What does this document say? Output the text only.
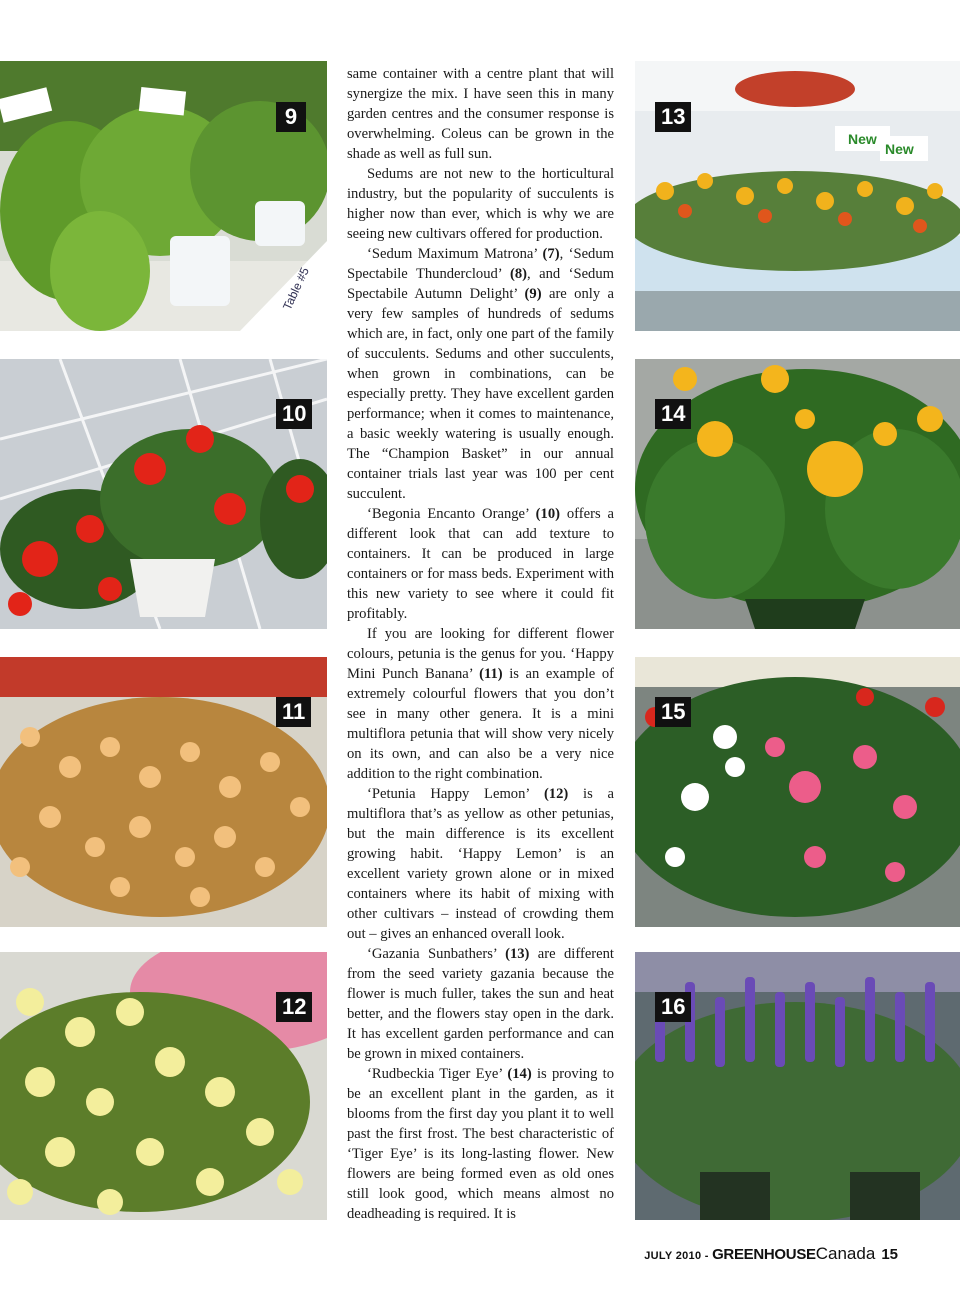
Table #5
9
10
11
12
New
New
13
14
15
16

same container with a centre plant that will synergize the mix. I have seen this in many garden centres and the consumer response is overwhelming. Coleus can be grown in the shade as well as full sun.

Sedums are not new to the horticultural industry, but the popularity of succulents is higher now than ever, which is why we are seeing new cultivars offered for production.

‘Sedum Maximum Matrona’ (7), ‘Sedum Spectabile Thundercloud’ (8), and ‘Sedum Spectabile Autumn Delight’ (9) are only a very few samples of hundreds of sedums which are, in fact, only one part of the family of succulents. Sedums and other succulents, when grown in combinations, can be especially pretty. They have excellent garden performance; when it comes to maintenance, a basic weekly watering is usually enough. The “Champion Basket” in our annual container trials last year was 100 per cent succulent.

‘Begonia Encanto Orange’ (10) offers a different look that can add texture to containers. It can be produced in large containers or for mass beds. Experiment with this new variety to see where it could fit profitably.

If you are looking for different flower colours, petunia is the genus for you. ‘Happy Mini Punch Banana’ (11) is an example of extremely colourful flowers that you don’t see in many other genera. It is a mini multiflora petunia that will show very nicely on its own, and can also be a very nice addition to the right combination.

‘Petunia Happy Lemon’ (12) is a multiflora that’s as yellow as other petunias, but the main difference is its excellent growing habit. ‘Happy Lemon’ is an excellent variety grown alone or in mixed containers where its habit of mixing with other cultivars – instead of crowding them out – gives an enhanced overall look.

‘Gazania Sunbathers’ (13) are different from the seed variety gazania because the flower is much fuller, takes the sun and heat better, and the flowers stay open in the dark. It has excellent garden performance and can be grown in mixed containers.

‘Rudbeckia Tiger Eye’ (14) is proving to be an excellent plant in the garden, as it blooms from the first day you plant it to well past the first frost. The best characteristic of ‘Tiger Eye’ is its long-lasting flower. New flowers are being formed even as old ones still look good, which means almost no deadheading is required. It is

JULY 2010 - GREENHOUSECanada 15
